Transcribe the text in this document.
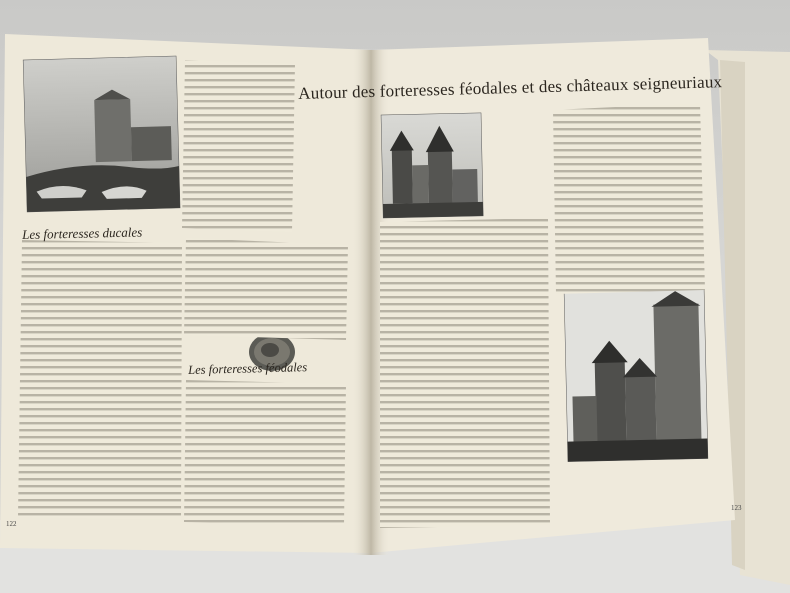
Autour des forteresses féodales et des châteaux seigneuriaux
Les forteresses ducales
Les forteresses féodales
122
123
